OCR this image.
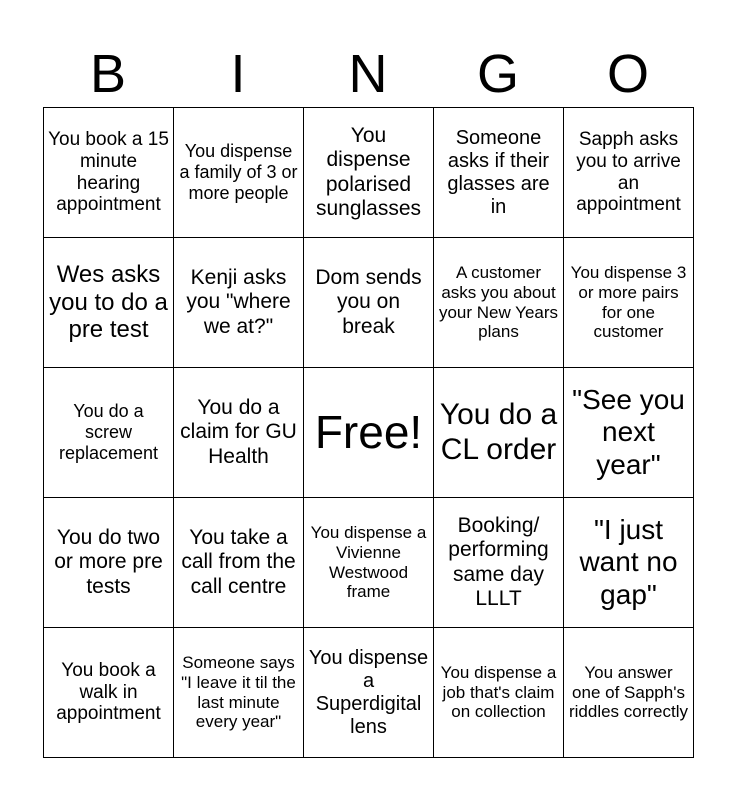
B	I	N	G	O
You book a 15 minute hearing appointment	You dispense a family of 3 or more people	You dispense polarised sunglasses	Someone asks if their glasses are in	Sapph asks you to arrive an appointment
Wes asks you to do a pre test	Kenji asks you "where we at?"	Dom sends you on break	A customer asks you about your New Years plans	You dispense 3 or more pairs for one customer
You do a screw replacement	You do a claim for GU Health	Free!	You do a CL order	"See you next year"
You do two or more pre tests	You take a call from the call centre	You dispense a Vivienne Westwood frame	Booking/ performing same day LLLT	"I just want no gap"
You book a walk in appointment	Someone says "I leave it til the last minute every year"	You dispense a Superdigital lens	You dispense a job that's claim on collection	You answer one of Sapph's riddles correctly
